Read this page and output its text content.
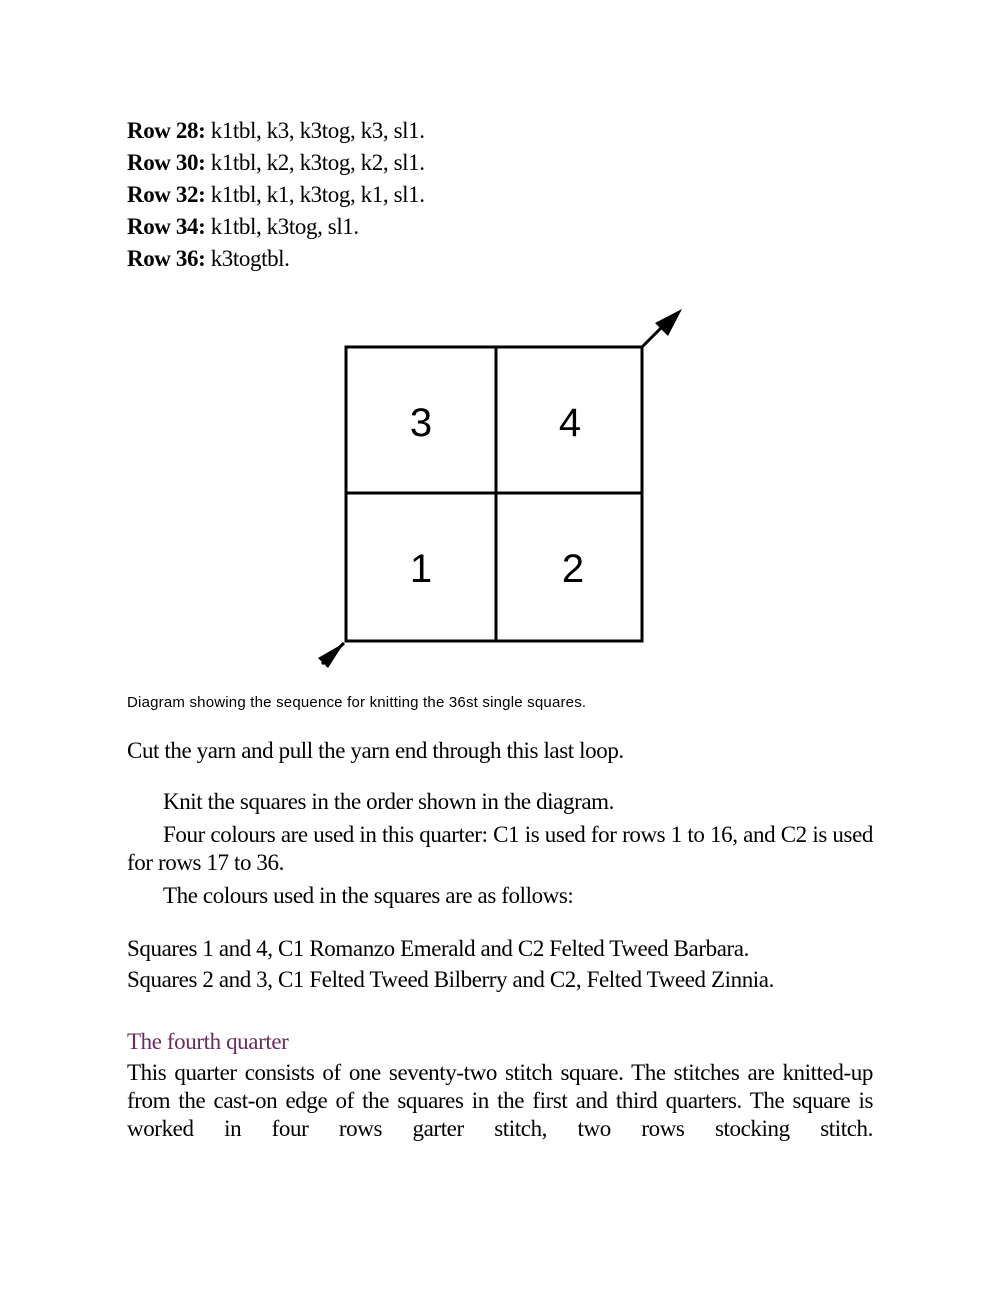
Row 28: k1tbl, k3, k3tog, k3, sl1.
Row 30: k1tbl, k2, k3tog, k2, sl1.
Row 32: k1tbl, k1, k3tog, k1, sl1.
Row 34: k1tbl, k3tog, sl1.
Row 36: k3togtbl.
3	4
1	2
Diagram showing the sequence for knitting the 36st single squares.
Cut the yarn and pull the yarn end through this last loop.
Knit the squares in the order shown in the diagram.
Four colours are used in this quarter: C1 is used for rows 1 to 16, and C2 is used for rows 17 to 36.
The colours used in the squares are as follows:
Squares 1 and 4, C1 Romanzo Emerald and C2 Felted Tweed Barbara.
Squares 2 and 3, C1 Felted Tweed Bilberry and C2, Felted Tweed Zinnia.
The fourth quarter
This quarter consists of one seventy-two stitch square. The stitches are knitted-up from the cast-on edge of the squares in the first and third quarters. The square is worked in four rows garter stitch, two rows stocking stitch.
